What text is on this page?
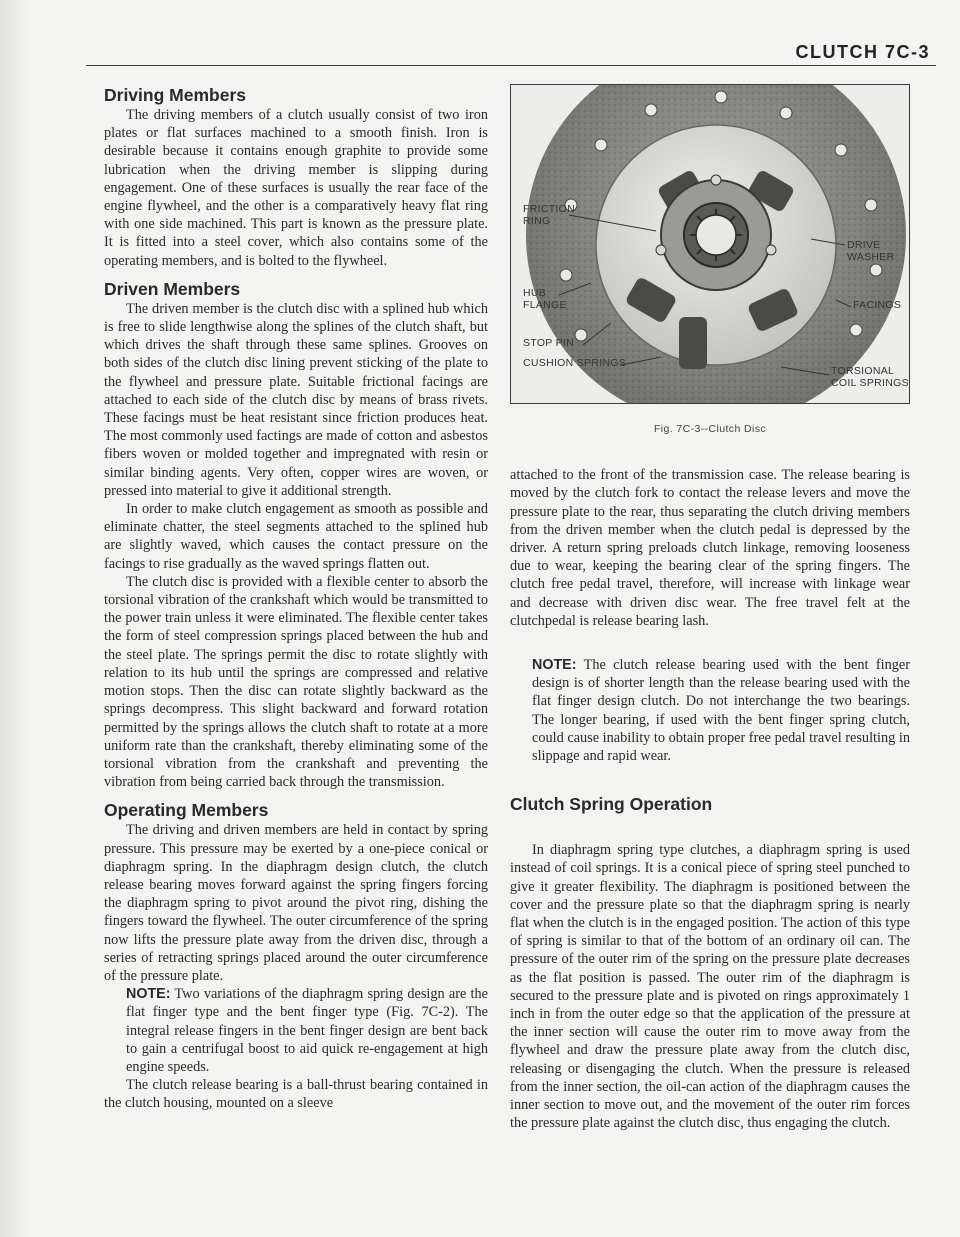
CLUTCH 7C-3
Driving Members

The driving members of a clutch usually consist of two iron plates or flat surfaces machined to a smooth finish. Iron is desirable because it contains enough graphite to provide some lubrication when the driving member is slipping during engagement. One of these surfaces is usually the rear face of the engine flywheel, and the other is a comparatively heavy flat ring with one side machined. This part is known as the pressure plate. It is fitted into a steel cover, which also contains some of the operating members, and is bolted to the flywheel.

Driven Members

The driven member is the clutch disc with a splined hub which is free to slide lengthwise along the splines of the clutch shaft, but which drives the shaft through these same splines. Grooves on both sides of the clutch disc lining prevent sticking of the plate to the flywheel and pressure plate. Suitable frictional facings are attached to each side of the clutch disc by means of brass rivets. These facings must be heat resistant since friction produces heat. The most commonly used factings are made of cotton and asbestos fibers woven or molded together and impregnated with resin or similar binding agents. Very often, copper wires are woven, or pressed into material to give it additional strength.

In order to make clutch engagement as smooth as possible and eliminate chatter, the steel segments attached to the splined hub are slightly waved, which causes the contact pressure on the facings to rise gradually as the waved springs flatten out.

The clutch disc is provided with a flexible center to absorb the torsional vibration of the crankshaft which would be transmitted to the power train unless it were eliminated. The flexible center takes the form of steel compression springs placed between the hub and the steel plate. The springs permit the disc to rotate slightly with relation to its hub until the springs are compressed and relative motion stops. Then the disc can rotate slightly backward as the springs decompress. This slight backward and forward rotation permitted by the springs allows the clutch shaft to rotate at a more uniform rate than the crankshaft, thereby eliminating some of the torsional vibration from the crankshaft and preventing the vibration from being carried back through the transmission.

Operating Members

The driving and driven members are held in contact by spring pressure. This pressure may be exerted by a one-piece conical or diaphragm spring. In the diaphragm design clutch, the clutch release bearing moves forward against the spring fingers forcing the diaphragm spring to pivot around the pivot ring, dishing the fingers toward the flywheel. The outer circumference of the spring now lifts the pressure plate away from the driven disc, through a series of retracting springs placed around the outer circumference of the pressure plate.

NOTE: Two variations of the diaphragm spring design are the flat finger type and the bent finger type (Fig. 7C-2). The integral release fingers in the bent finger design are bent back to gain a centrifugal boost to aid quick re-engagement at high engine speeds.

The clutch release bearing is a ball-thrust bearing contained in the clutch housing, mounted on a sleeve

FRICTION
RING
DRIVE
WASHER
HUB
FLANGE	FACINGS
STOP PIN
CUSHION SPRINGS
TORSIONAL
COIL SPRINGS
Fig. 7C-3--Clutch Disc

attached to the front of the transmission case. The release bearing is moved by the clutch fork to contact the release levers and move the pressure plate to the rear, thus separating the clutch driving members from the driven member when the clutch pedal is depressed by the driver. A return spring preloads clutch linkage, removing looseness due to wear, keeping the bearing clear of the spring fingers. The clutch free pedal travel, therefore, will increase with linkage wear and decrease with driven disc wear. The free travel felt at the clutchpedal is release bearing lash.

NOTE: The clutch release bearing used with the bent finger design is of shorter length than the release bearing used with the flat finger design clutch. Do not interchange the two bearings. The longer bearing, if used with the bent finger spring clutch, could cause inability to obtain proper free pedal travel resulting in slippage and rapid wear.

Clutch Spring Operation

In diaphragm spring type clutches, a diaphragm spring is used instead of coil springs. It is a conical piece of spring steel punched to give it greater flexibility. The diaphragm is positioned between the cover and the pressure plate so that the diaphragm spring is nearly flat when the clutch is in the engaged position. The action of this type of spring is similar to that of the bottom of an ordinary oil can. The pressure of the outer rim of the spring on the pressure plate decreases as the flat position is passed. The outer rim of the diaphragm is secured to the pressure plate and is pivoted on rings approximately 1 inch in from the outer edge so that the application of the pressure at the inner section will cause the outer rim to move away from the flywheel and draw the pressure plate away from the clutch disc, releasing or disengaging the clutch. When the pressure is released from the inner section, the oil-can action of the diaphragm causes the inner section to move out, and the movement of the outer rim forces the pressure plate against the clutch disc, thus engaging the clutch.
